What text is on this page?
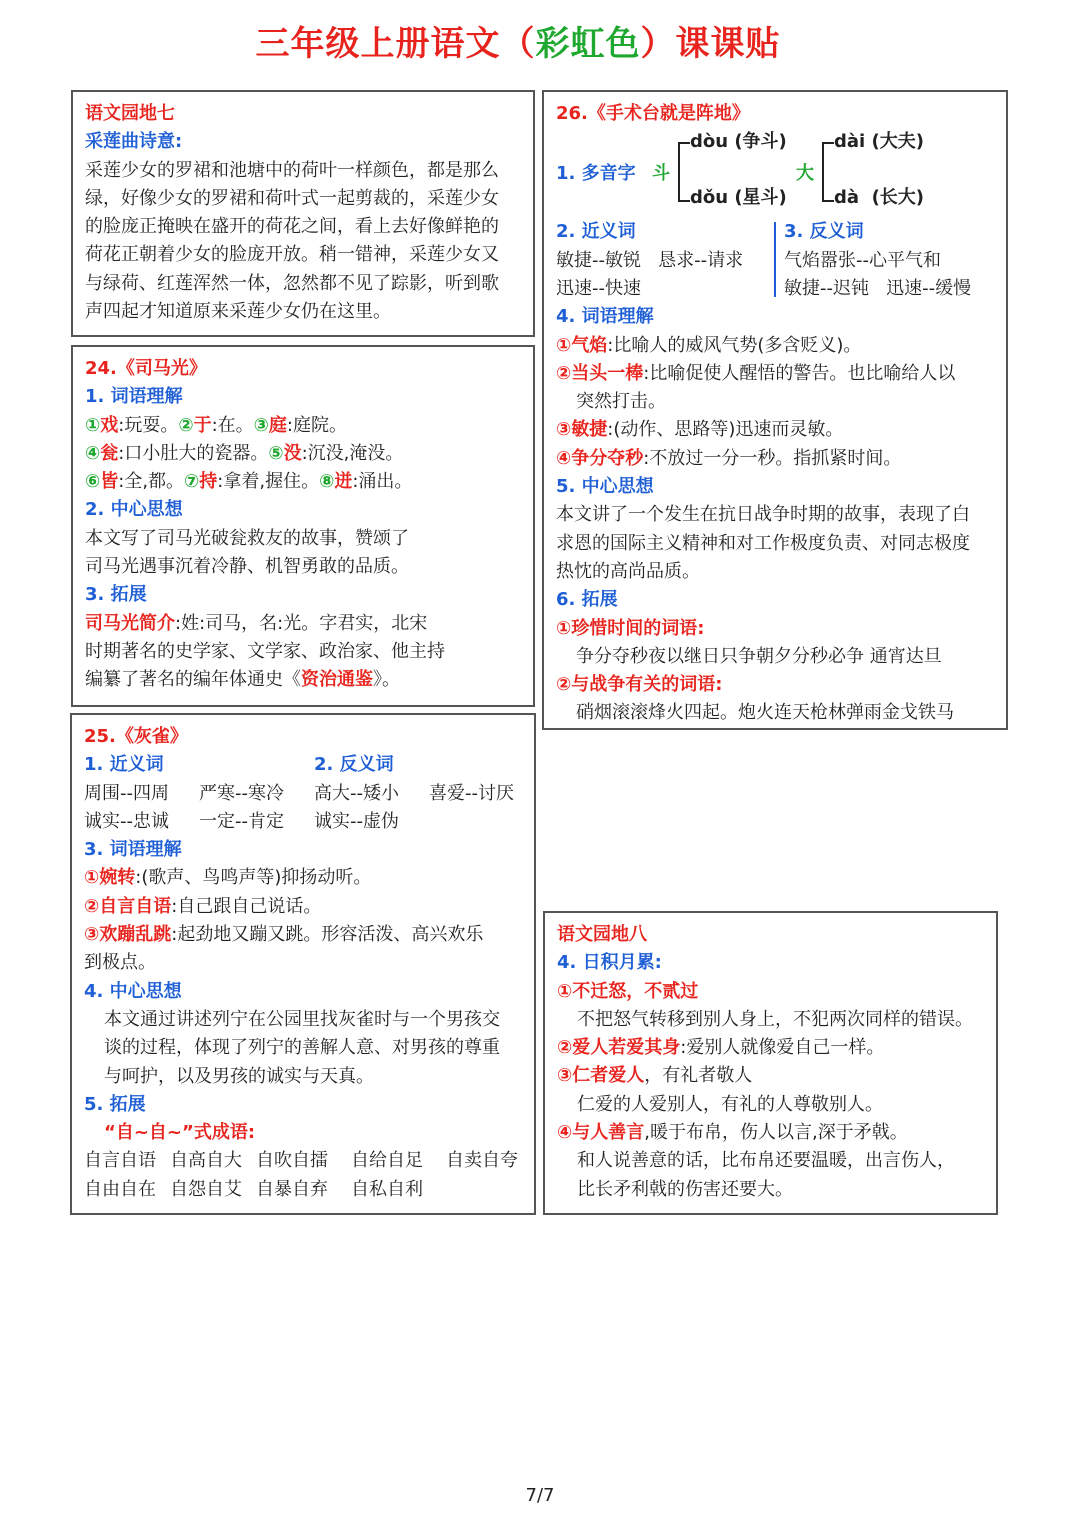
三年级上册语文（彩虹色）课课贴
语文园地七
采莲曲诗意:
采莲少女的罗裙和池塘中的荷叶一样颜色，都是那么
绿，好像少女的罗裙和荷叶式一起剪裁的，采莲少女
的脸庞正掩映在盛开的荷花之间，看上去好像鲜艳的
荷花正朝着少女的脸庞开放。稍一错神，采莲少女又
与绿荷、红莲浑然一体，忽然都不见了踪影，听到歌
声四起才知道原来采莲少女仍在这里。
24.《司马光》
1. 词语理解
①戏:玩耍。②于:在。③庭:庭院。
④瓮:口小肚大的瓷器。⑤没:沉没,淹没。
⑥皆:全,都。⑦持:拿着,握住。⑧迸:涌出。
2. 中心思想
本文写了司马光破瓮救友的故事，赞颂了
司马光遇事沉着冷静、机智勇敢的品质。
3. 拓展
司马光简介:姓:司马，名:光。字君实，北宋
时期著名的史学家、文学家、政治家、他主持
编纂了著名的编年体通史《资治通鉴》。
25.《灰雀》
1. 近义词	2. 反义词
周围--四周 严寒--寒冷 高大--矮小 喜爱--讨厌
诚实--忠诚 一定--肯定 诚实--虚伪
3. 词语理解
①婉转:(歌声、鸟鸣声等)抑扬动听。
②自言自语:自己跟自己说话。
③欢蹦乱跳:起劲地又蹦又跳。形容活泼、高兴欢乐
到极点。
4. 中心思想
本文通过讲述列宁在公园里找灰雀时与一个男孩交
谈的过程，体现了列宁的善解人意、对男孩的尊重
与呵护，以及男孩的诚实与天真。
5. 拓展
“自~自~”式成语:
自言自语 自高自大 自吹自擂 自给自足 自卖自夸
自由自在 自怨自艾 自暴自弃 自私自利
26.《手术台就是阵地》
1. 多音字 斗
dòu (争斗)
dǒu (星斗)
大
dài (大夫)
dà  (长大)
2. 近义词
敏捷--敏锐   恳求--请求
迅速--快速
3. 反义词
气焰嚣张--心平气和
敏捷--迟钝   迅速--缓慢
4. 词语理解
①气焰:比喻人的威风气势(多含贬义)。
②当头一棒:比喻促使人醒悟的警告。也比喻给人以
突然打击。
③敏捷:(动作、思路等)迅速而灵敏。
④争分夺秒:不放过一分一秒。指抓紧时间。
5. 中心思想
本文讲了一个发生在抗日战争时期的故事，表现了白
求恩的国际主义精神和对工作极度负责、对同志极度
热忱的高尚品质。
6. 拓展
①珍惜时间的词语:
争分夺秒夜以继日只争朝夕分秒必争 通宵达旦
②与战争有关的词语:
硝烟滚滚烽火四起。炮火连天枪林弹雨金戈铁马
语文园地八
4. 日积月累:
①不迁怒，不贰过
不把怒气转移到别人身上，不犯两次同样的错误。
②爱人若爱其身:爱别人就像爱自己一样。
③仁者爱人，有礼者敬人
仁爱的人爱别人，有礼的人尊敬别人。
④与人善言,暖于布帛，伤人以言,深于矛戟。
和人说善意的话，比布帛还要温暖，出言伤人，
比长矛利戟的伤害还要大。
7/7
